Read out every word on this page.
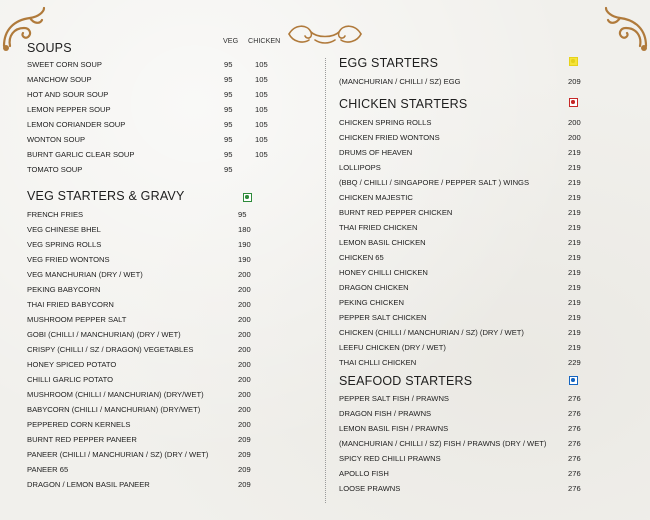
SOUPS
VEG CHICKEN
SWEET CORN SOUP	95	105
MANCHOW SOUP	95	105
HOT AND SOUR SOUP	95	105
LEMON PEPPER SOUP	95	105
LEMON CORIANDER SOUP	95	105
WONTON SOUP	95	105
BURNT GARLIC CLEAR SOUP	95	105
TOMATO SOUP	95
VEG STARTERS & GRAVY
FRENCH FRIES	95
VEG CHINESE BHEL	180
VEG SPRING ROLLS	190
VEG FRIED WONTONS	190
VEG MANCHURIAN (DRY / WET)	200
PEKING BABYCORN	200
THAI FRIED BABYCORN	200
MUSHROOM PEPPER SALT	200
GOBI (CHILLI / MANCHURIAN) (DRY / WET)	200
CRISPY (CHILLI / SZ / DRAGON) VEGETABLES	200
HONEY SPICED POTATO	200
CHILLI GARLIC POTATO	200
MUSHROOM (CHILLI / MANCHURIAN) (DRY/WET)	200
BABYCORN (CHILLI / MANCHURIAN) (DRY/WET)	200
PEPPERED CORN KERNELS	200
BURNT RED PEPPER PANEER	209
PANEER (CHILLI / MANCHURIAN / SZ) (DRY / WET)	209
PANEER 65	209
DRAGON / LEMON BASIL PANEER	209
EGG STARTERS
(MANCHURIAN / CHILLI / SZ) EGG	209
CHICKEN STARTERS
CHICKEN SPRING ROLLS	200
CHICKEN FRIED WONTONS	200
DRUMS OF HEAVEN	219
LOLLIPOPS	219
(BBQ / CHILLI / SINGAPORE / PEPPER SALT ) WINGS	219
CHICKEN MAJESTIC	219
BURNT RED PEPPER CHICKEN	219
THAI FRIED CHICKEN	219
LEMON BASIL CHICKEN	219
CHICKEN 65	219
HONEY CHILLI CHICKEN	219
DRAGON CHICKEN	219
PEKING CHICKEN	219
PEPPER SALT CHICKEN	219
CHICKEN (CHILLI / MANCHURIAN / SZ) (DRY / WET)	219
LEEFU CHICKEN (DRY / WET)	219
THAI CHLLI CHICKEN	229
SEAFOOD STARTERS
PEPPER SALT FISH / PRAWNS	276
DRAGON FISH / PRAWNS	276
LEMON BASIL FISH / PRAWNS	276
(MANCHURIAN / CHILLI / SZ) FISH / PRAWNS (DRY / WET)	276
SPICY RED CHILLI PRAWNS	276
APOLLO FISH	276
LOOSE PRAWNS	276
